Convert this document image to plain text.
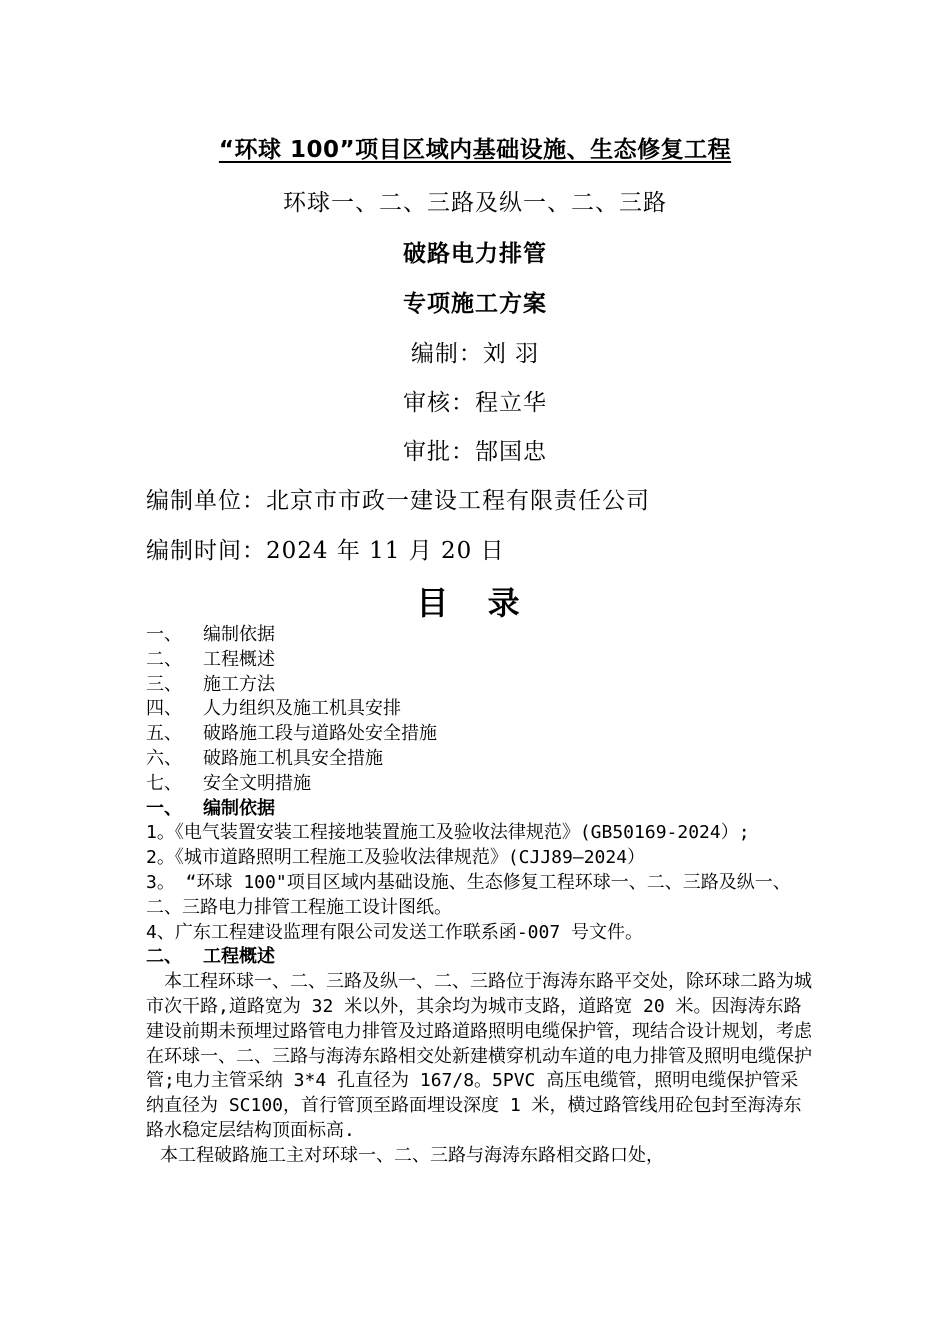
“环球 100”项目区域内基础设施、生态修复工程
环球一、二、三路及纵一、二、三路
破路电力排管
专项施工方案
编制：刘 羽
审核：程立华
审批：郜国忠
编制单位：北京市市政一建设工程有限责任公司
编制时间：2024 年 11 月 20 日
目 录
一、 编制依据
二、 工程概述
三、 施工方法
四、 人力组织及施工机具安排
五、 破路施工段与道路处安全措施
六、 破路施工机具安全措施
七、 安全文明措施
一、 编制依据
1。《电气装置安装工程接地装置施工及验收法律规范》(GB50169-2024）;
2。《城市道路照明工程施工及验收法律规范》(CJJ89—2024）
3。 “环球 100"项目区域内基础设施、生态修复工程环球一、二、三路及纵一、二、三路电力排管工程施工设计图纸。
4、广东工程建设监理有限公司发送工作联系函-007 号文件。
二、 工程概述
本工程环球一、二、三路及纵一、二、三路位于海涛东路平交处，除环球二路为城市次干路,道路宽为 32 米以外，其余均为城市支路，道路宽 20 米。因海涛东路建设前期未预埋过路管电力排管及过路道路照明电缆保护管，现结合设计规划，考虑在环球一、二、三路与海涛东路相交处新建横穿机动车道的电力排管及照明电缆保护管;电力主管采纳 3*4 孔直径为 167/8。5PVC 高压电缆管，照明电缆保护管采纳直径为 SC100，首行管顶至路面埋设深度 1 米，横过路管线用砼包封至海涛东路水稳定层结构顶面标高.
本工程破路施工主对环球一、二、三路与海涛东路相交路口处，
